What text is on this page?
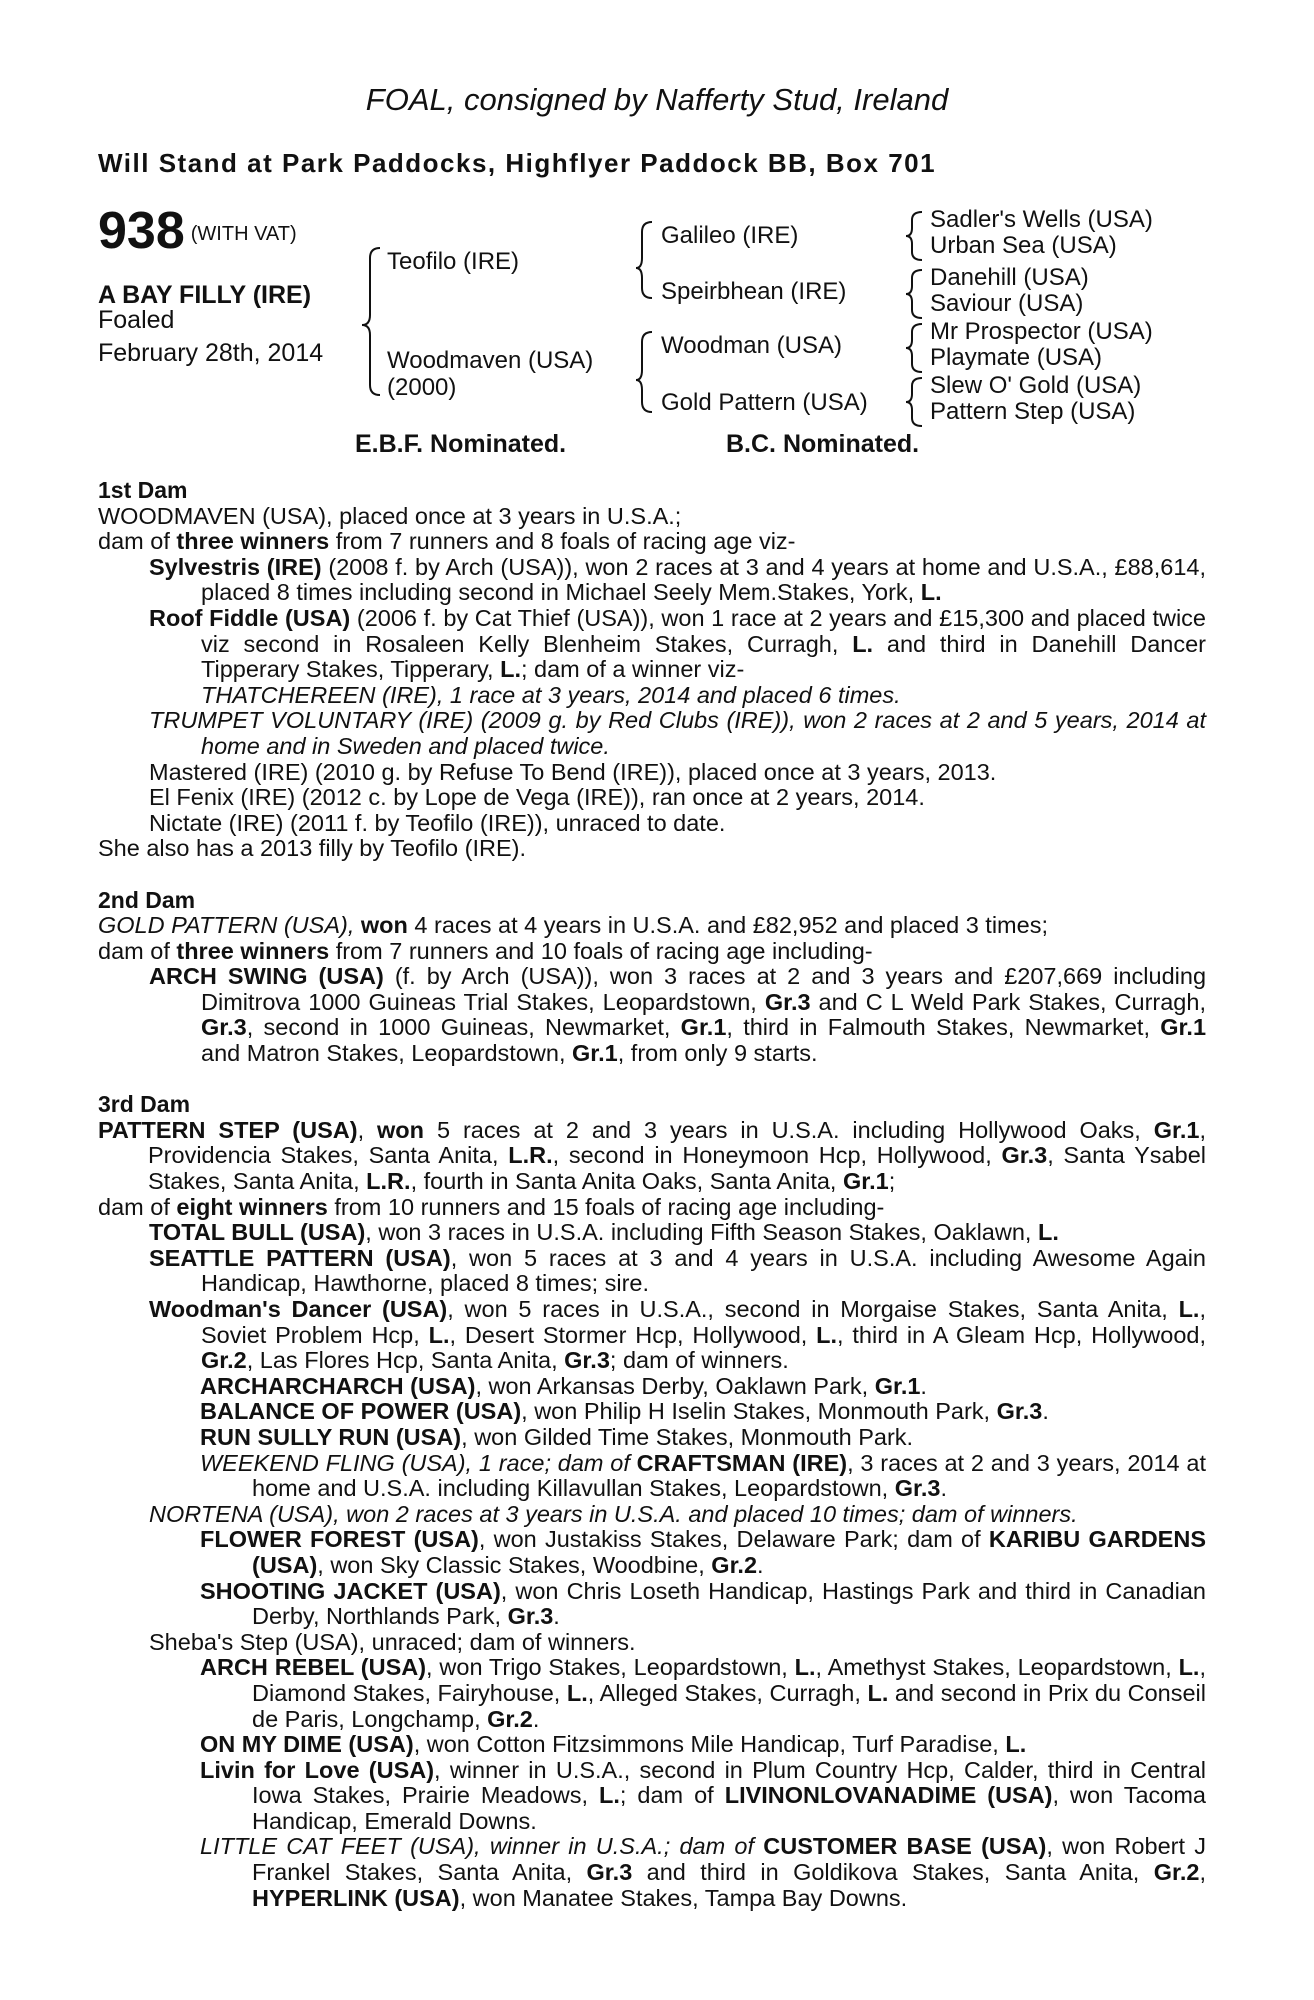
FOAL, consigned by Nafferty Stud, Ireland
Will Stand at Park Paddocks, Highflyer Paddock BB, Box 701
938 (WITH VAT)
A BAY FILLY (IRE)
Foaled
February 28th, 2014
Teofilo (IRE)
Woodmaven (USA)
(2000)
Galileo (IRE)
Speirbhean (IRE)
Woodman (USA)
Gold Pattern (USA)
Sadler's Wells (USA)
Urban Sea (USA)
Danehill (USA)
Saviour (USA)
Mr Prospector (USA)
Playmate (USA)
Slew O' Gold (USA)
Pattern Step (USA)
E.B.F. Nominated.	B.C. Nominated.

1st Dam

WOODMAVEN (USA), placed once at 3 years in U.S.A.;

dam of three winners from 7 runners and 8 foals of racing age viz-

Sylvestris (IRE) (2008 f. by Arch (USA)), won 2 races at 3 and 4 years at home and U.S.A., £88,614, placed 8 times including second in Michael Seely Mem.Stakes, York, L.

Roof Fiddle (USA) (2006 f. by Cat Thief (USA)), won 1 race at 2 years and £15,300 and placed twice viz second in Rosaleen Kelly Blenheim Stakes, Curragh, L. and third in Danehill Dancer Tipperary Stakes, Tipperary, L.; dam of a winner viz-

THATCHEREEN (IRE), 1 race at 3 years, 2014 and placed 6 times.

TRUMPET VOLUNTARY (IRE) (2009 g. by Red Clubs (IRE)), won 2 races at 2 and 5 years, 2014 at home and in Sweden and placed twice.

Mastered (IRE) (2010 g. by Refuse To Bend (IRE)), placed once at 3 years, 2013.

El Fenix (IRE) (2012 c. by Lope de Vega (IRE)), ran once at 2 years, 2014.

Nictate (IRE) (2011 f. by Teofilo (IRE)), unraced to date.

She also has a 2013 filly by Teofilo (IRE).

2nd Dam

GOLD PATTERN (USA), won 4 races at 4 years in U.S.A. and £82,952 and placed 3 times;

dam of three winners from 7 runners and 10 foals of racing age including-

ARCH SWING (USA) (f. by Arch (USA)), won 3 races at 2 and 3 years and £207,669 including Dimitrova 1000 Guineas Trial Stakes, Leopardstown, Gr.3 and C L Weld Park Stakes, Curragh, Gr.3, second in 1000 Guineas, Newmarket, Gr.1, third in Falmouth Stakes, Newmarket, Gr.1 and Matron Stakes, Leopardstown, Gr.1, from only 9 starts.

3rd Dam

PATTERN STEP (USA), won 5 races at 2 and 3 years in U.S.A. including Hollywood Oaks, Gr.1, Providencia Stakes, Santa Anita, L.R., second in Honeymoon Hcp, Hollywood, Gr.3, Santa Ysabel Stakes, Santa Anita, L.R., fourth in Santa Anita Oaks, Santa Anita, Gr.1;

dam of eight winners from 10 runners and 15 foals of racing age including-

TOTAL BULL (USA), won 3 races in U.S.A. including Fifth Season Stakes, Oaklawn, L.

SEATTLE PATTERN (USA), won 5 races at 3 and 4 years in U.S.A. including Awesome Again Handicap, Hawthorne, placed 8 times; sire.

Woodman's Dancer (USA), won 5 races in U.S.A., second in Morgaise Stakes, Santa Anita, L., Soviet Problem Hcp, L., Desert Stormer Hcp, Hollywood, L., third in A Gleam Hcp, Hollywood, Gr.2, Las Flores Hcp, Santa Anita, Gr.3; dam of winners.

ARCHARCHARCH (USA), won Arkansas Derby, Oaklawn Park, Gr.1.

BALANCE OF POWER (USA), won Philip H Iselin Stakes, Monmouth Park, Gr.3.

RUN SULLY RUN (USA), won Gilded Time Stakes, Monmouth Park.

WEEKEND FLING (USA), 1 race; dam of CRAFTSMAN (IRE), 3 races at 2 and 3 years, 2014 at home and U.S.A. including Killavullan Stakes, Leopardstown, Gr.3.

NORTENA (USA), won 2 races at 3 years in U.S.A. and placed 10 times; dam of winners.

FLOWER FOREST (USA), won Justakiss Stakes, Delaware Park; dam of KARIBU GARDENS (USA), won Sky Classic Stakes, Woodbine, Gr.2.

SHOOTING JACKET (USA), won Chris Loseth Handicap, Hastings Park and third in Canadian Derby, Northlands Park, Gr.3.

Sheba's Step (USA), unraced; dam of winners.

ARCH REBEL (USA), won Trigo Stakes, Leopardstown, L., Amethyst Stakes, Leopardstown, L., Diamond Stakes, Fairyhouse, L., Alleged Stakes, Curragh, L. and second in Prix du Conseil de Paris, Longchamp, Gr.2.

ON MY DIME (USA), won Cotton Fitzsimmons Mile Handicap, Turf Paradise, L.

Livin for Love (USA), winner in U.S.A., second in Plum Country Hcp, Calder, third in Central Iowa Stakes, Prairie Meadows, L.; dam of LIVINONLOVANADIME (USA), won Tacoma Handicap, Emerald Downs.

LITTLE CAT FEET (USA), winner in U.S.A.; dam of CUSTOMER BASE (USA), won Robert J Frankel Stakes, Santa Anita, Gr.3 and third in Goldikova Stakes, Santa Anita, Gr.2, HYPERLINK (USA), won Manatee Stakes, Tampa Bay Downs.
